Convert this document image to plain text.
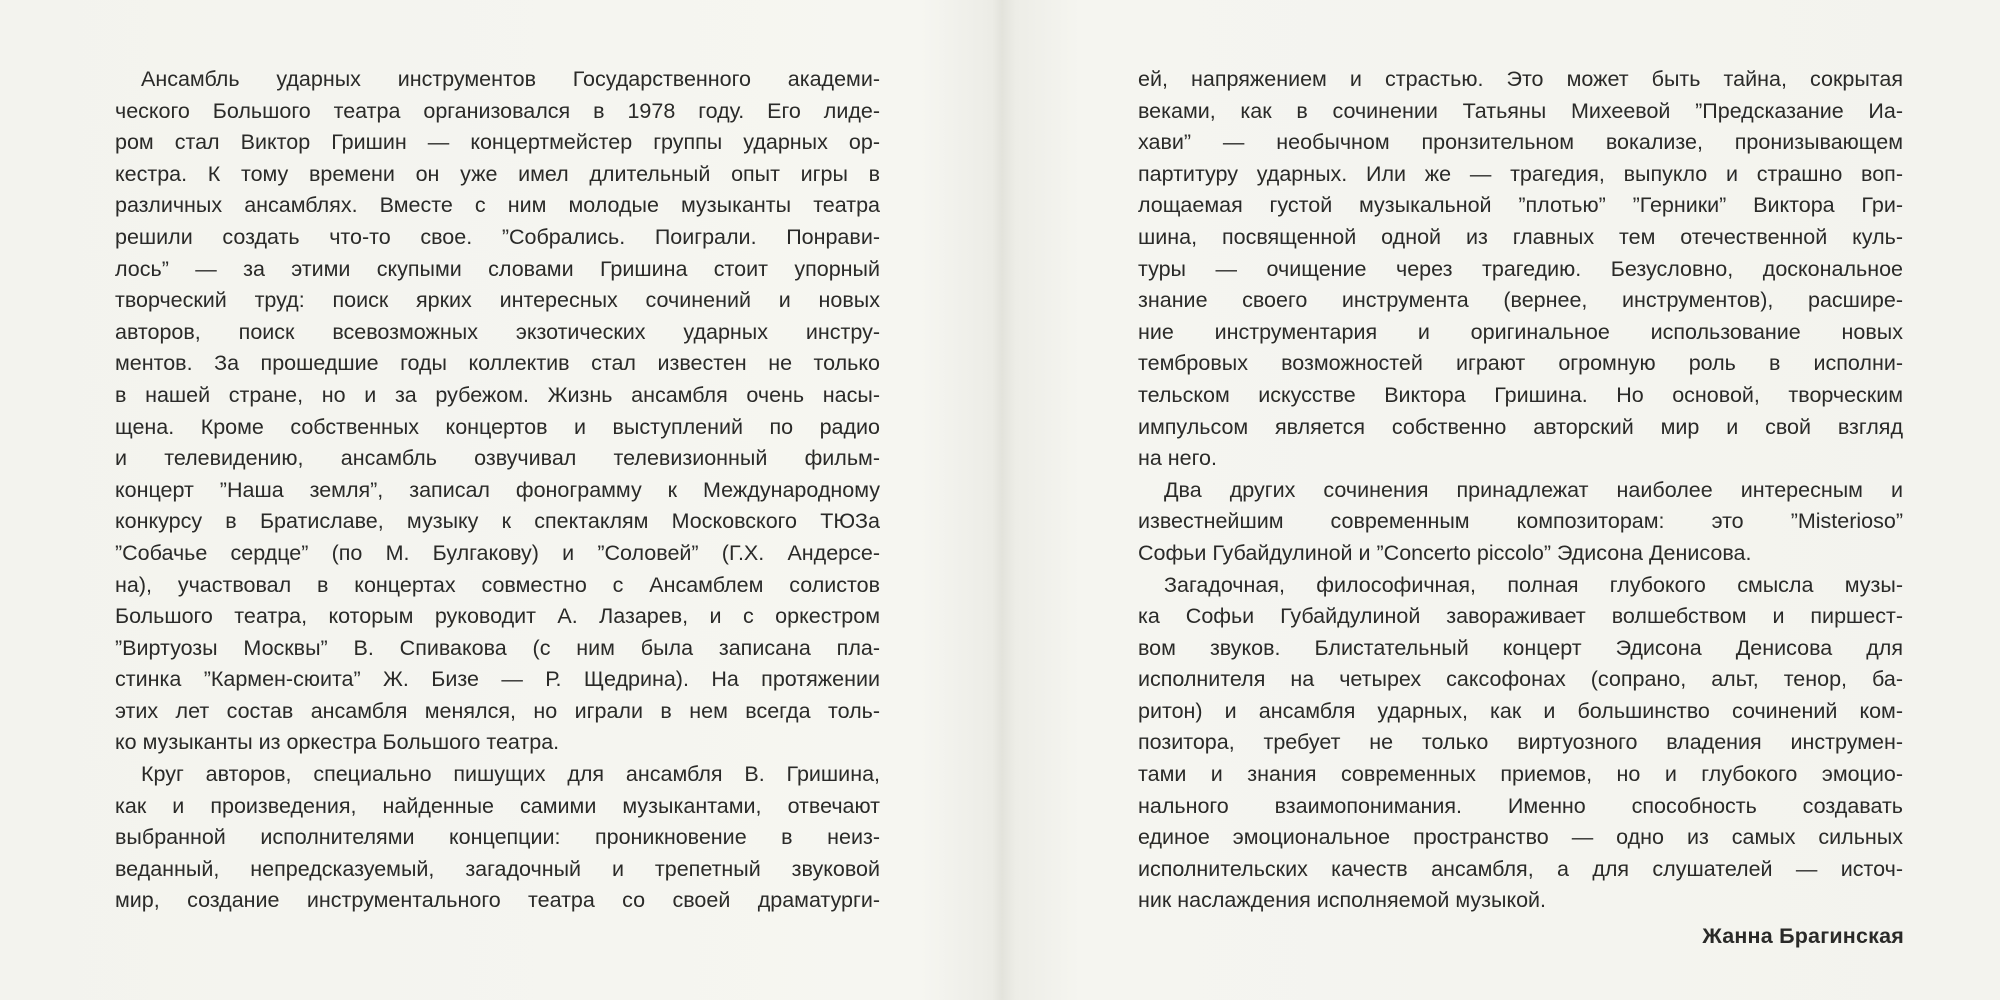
Ансамбль ударных инструментов Государственного академи-
ческого Большого театра организовался в 1978 году. Его лиде-
ром стал Виктор Гришин — концертмейстер группы ударных ор-
кестра. К тому времени он уже имел длительный опыт игры в
различных ансамблях. Вместе с ним молодые музыканты театра
решили создать что-то свое. ”Собрались. Поиграли. Понрави-
лось” — за этими скупыми словами Гришина стоит упорный
творческий труд: поиск ярких интересных сочинений и новых
авторов, поиск всевозможных экзотических ударных инстру-
ментов. За прошедшие годы коллектив стал известен не только
в нашей стране, но и за рубежом. Жизнь ансамбля очень насы-
щена. Кроме собственных концертов и выступлений по радио
и телевидению, ансамбль озвучивал телевизионный фильм-
концерт ”Наша земля”, записал фонограмму к Международному
конкурсу в Братиславе, музыку к спектаклям Московского ТЮЗа
”Собачье сердце” (по М. Булгакову) и ”Соловей” (Г.Х. Андерсе-
на), участвовал в концертах совместно с Ансамблем солистов
Большого театра, которым руководит А. Лазарев, и с оркестром
”Виртуозы Москвы” В. Спивакова (с ним была записана пла-
стинка ”Кармен-сюита” Ж. Бизе — Р. Щедрина). На протяжении
этих лет состав ансамбля менялся, но играли в нем всегда толь-
ко музыканты из оркестра Большого театра.
Круг авторов, специально пишущих для ансамбля В. Гришина,
как и произведения, найденные самими музыкантами, отвечают
выбранной исполнителями концепции: проникновение в неиз-
веданный, непредсказуемый, загадочный и трепетный звуковой
мир, создание инструментального театра со своей драматурги-
ей, напряжением и страстью. Это может быть тайна, сокрытая
веками, как в сочинении Татьяны Михеевой ”Предсказание Иа-
хави” — необычном пронзительном вокализе, пронизывающем
партитуру ударных. Или же — трагедия, выпукло и страшно воп-
лощаемая густой музыкальной ”плотью” ”Герники” Виктора Гри-
шина, посвященной одной из главных тем отечественной куль-
туры — очищение через трагедию. Безусловно, доскональное
знание своего инструмента (вернее, инструментов), расшире-
ние инструментария и оригинальное использование новых
тембровых возможностей играют огромную роль в исполни-
тельском искусстве Виктора Гришина. Но основой, творческим
импульсом является собственно авторский мир и свой взгляд
на него.
Два других сочинения принадлежат наиболее интересным и
известнейшим современным композиторам: это ”Misterioso”
Софьи Губайдулиной и ”Concerto piccolo” Эдисона Денисова.
Загадочная, философичная, полная глубокого смысла музы-
ка Софьи Губайдулиной завораживает волшебством и пиршест-
вом звуков. Блистательный концерт Эдисона Денисова для
исполнителя на четырех саксофонах (сопрано, альт, тенор, ба-
ритон) и ансамбля ударных, как и большинство сочинений ком-
позитора, требует не только виртуозного владения инструмен-
тами и знания современных приемов, но и глубокого эмоцио-
нального взаимопонимания. Именно способность создавать
единое эмоциональное пространство — одно из самых сильных
исполнительских качеств ансамбля, а для слушателей — источ-
ник наслаждения исполняемой музыкой.
Жанна Брагинская
